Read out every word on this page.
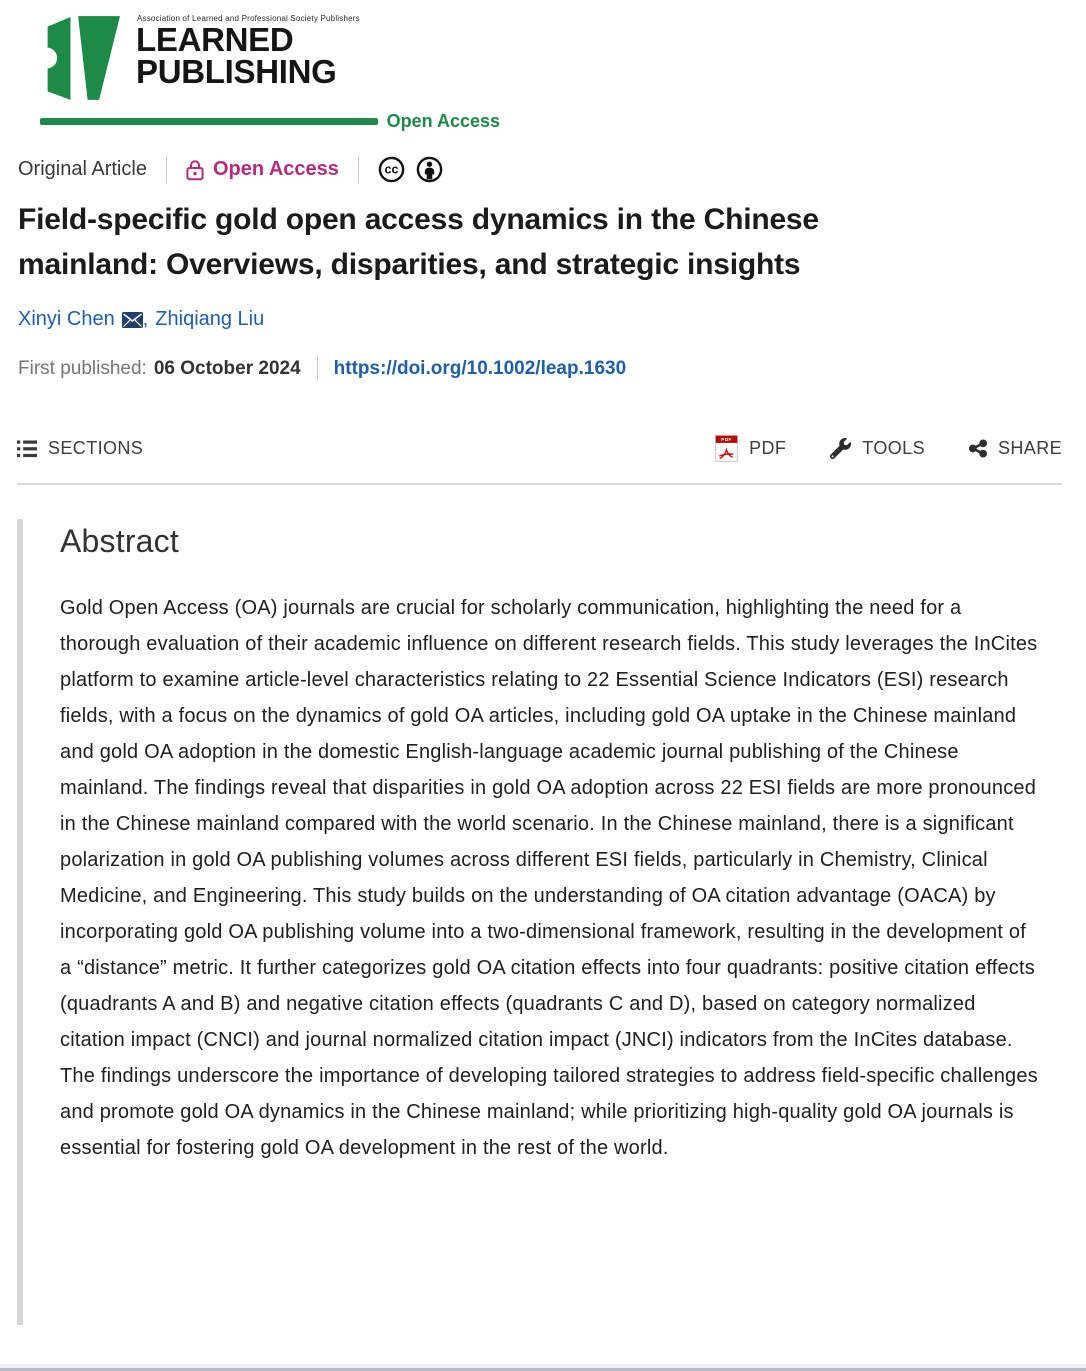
Association of Learned and Professional Society Publishers
LEARNED
PUBLISHING
Open Access
Original Article	Open Access	cc
Field-specific gold open access dynamics in the Chinese mainland: Overviews, disparities, and strategic insights
Xinyi Chen , Zhiqiang Liu
First published: 06 October 2024 https://doi.org/10.1002/leap.1630
SECTIONS	PDF PDF	TOOLS	SHARE
Abstract

Gold Open Access (OA) journals are crucial for scholarly communication, highlighting the need for a thorough evaluation of their academic influence on different research fields. This study leverages the InCites platform to examine article-level characteristics relating to 22 Essential Science Indicators (ESI) research fields, with a focus on the dynamics of gold OA articles, including gold OA uptake in the Chinese mainland and gold OA adoption in the domestic English-language academic journal publishing of the Chinese mainland. The findings reveal that disparities in gold OA adoption across 22 ESI fields are more pronounced in the Chinese mainland compared with the world scenario. In the Chinese mainland, there is a significant polarization in gold OA publishing volumes across different ESI fields, particularly in Chemistry, Clinical Medicine, and Engineering. This study builds on the understanding of OA citation advantage (OACA) by incorporating gold OA publishing volume into a two-dimensional framework, resulting in the development of a “distance” metric. It further categorizes gold OA citation effects into four quadrants: positive citation effects (quadrants A and B) and negative citation effects (quadrants C and D), based on category normalized citation impact (CNCI) and journal normalized citation impact (JNCI) indicators from the InCites database. The findings underscore the importance of developing tailored strategies to address field-specific challenges and promote gold OA dynamics in the Chinese mainland; while prioritizing high-quality gold OA journals is essential for fostering gold OA development in the rest of the world.
